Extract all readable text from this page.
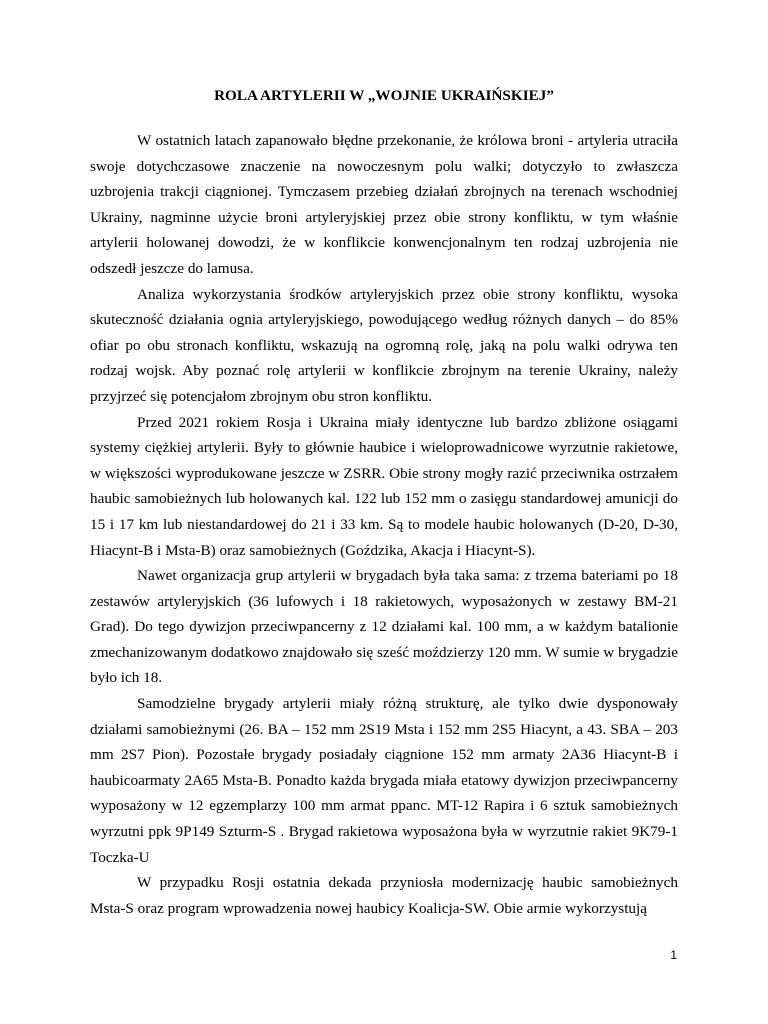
ROLA ARTYLERII W „WOJNIE UKRAIŃSKIEJ”

W ostatnich latach zapanowało błędne przekonanie, że królowa broni - artyleria utraciła swoje dotychczasowe znaczenie na nowoczesnym polu walki; dotyczyło to zwłaszcza uzbrojenia trakcji ciągnionej. Tymczasem przebieg działań zbrojnych na terenach wschodniej Ukrainy, nagminne użycie broni artyleryjskiej przez obie strony konfliktu, w tym właśnie artylerii holowanej dowodzi, że w konflikcie konwencjonalnym ten rodzaj uzbrojenia nie odszedł jeszcze do lamusa.

Analiza wykorzystania środków artyleryjskich przez obie strony konfliktu, wysoka skuteczność działania ognia artyleryjskiego, powodującego według różnych danych – do 85% ofiar po obu stronach konfliktu, wskazują na ogromną rolę, jaką na polu walki odrywa ten rodzaj wojsk. Aby poznać rolę artylerii w konflikcie zbrojnym na terenie Ukrainy, należy przyjrzeć się potencjałom zbrojnym obu stron konfliktu.

Przed 2021 rokiem Rosja i Ukraina miały identyczne lub bardzo zbliżone osiągami systemy ciężkiej artylerii. Były to głównie haubice i wieloprowadnicowe wyrzutnie rakietowe, w większości wyprodukowane jeszcze w ZSRR. Obie strony mogły razić przeciwnika ostrzałem haubic samobieżnych lub holowanych kal. 122 lub 152 mm o zasięgu standardowej amunicji do 15 i 17 km lub niestandardowej do 21 i 33 km. Są to modele haubic holowanych (D-20, D-30, Hiacynt-B i Msta-B) oraz samobieżnych (Goździka, Akacja i Hiacynt-S).

Nawet organizacja grup artylerii w brygadach była taka sama: z trzema bateriami po 18 zestawów artyleryjskich (36 lufowych i 18 rakietowych, wyposażonych w zestawy BM-21 Grad). Do tego dywizjon przeciwpancerny z 12 działami kal. 100 mm, a w każdym batalionie zmechanizowanym dodatkowo znajdowało się sześć moździerzy 120 mm. W sumie w brygadzie było ich 18.

Samodzielne brygady artylerii miały różną strukturę, ale tylko dwie dysponowały działami samobieżnymi (26. BA – 152 mm 2S19 Msta i 152 mm 2S5 Hiacynt, a 43. SBA – 203 mm 2S7 Pion). Pozostałe brygady posiadały ciągnione 152 mm armaty 2A36 Hiacynt-B i haubicoarmaty 2A65 Msta-B. Ponadto każda brygada miała etatowy dywizjon przeciwpancerny wyposażony w 12 egzemplarzy 100 mm armat ppanc. MT-12 Rapira i 6 sztuk samobieżnych wyrzutni ppk 9P149 Szturm-S . Brygad rakietowa wyposażona była w wyrzutnie rakiet 9K79-1 Toczka-U

W przypadku Rosji ostatnia dekada przyniosła modernizację haubic samobieżnych Msta-S oraz program wprowadzenia nowej haubicy Koalicja-SW. Obie armie wykorzystują

1
